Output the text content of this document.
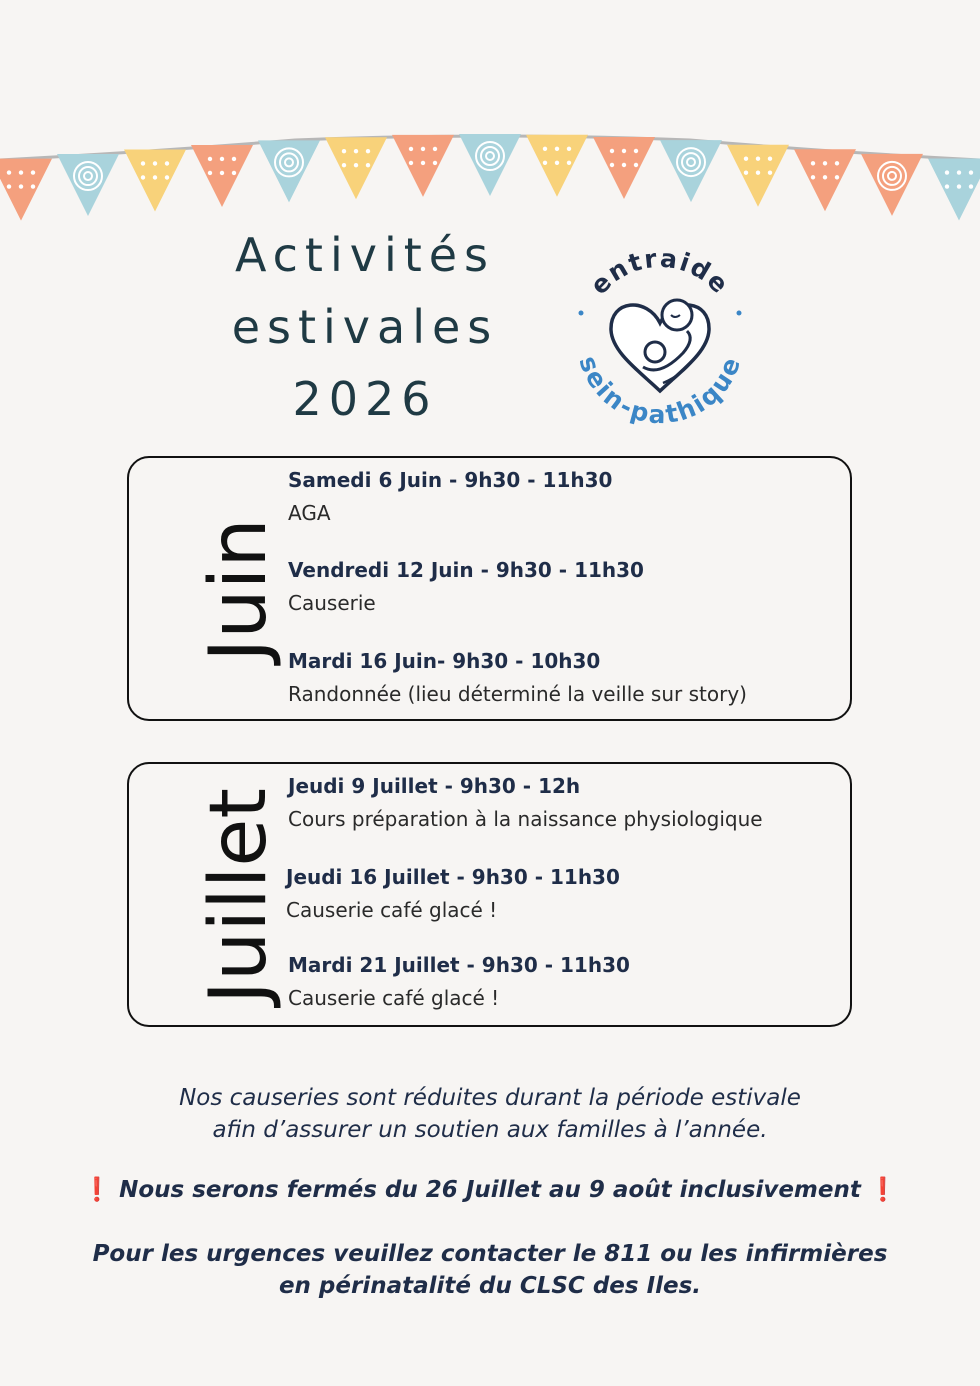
Activités
estivales
2026
entraide
sein-pathique
Juin
Samedi 6 Juin - 9h30 - 11h30
AGA
Vendredi 12 Juin - 9h30 - 11h30
Causerie
Mardi 16 Juin- 9h30 - 10h30
Randonnée (lieu déterminé la veille sur story)
Juillet
Jeudi 9 Juillet - 9h30 - 12h
Cours préparation à la naissance physiologique
Jeudi 16 Juillet - 9h30 - 11h30
Causerie café glacé !
Mardi 21 Juillet - 9h30 - 11h30
Causerie café glacé !
Nos causeries sont réduites durant la période estivale
afin d’assurer un soutien aux familles à l’année.
❗ Nous serons fermés du 26 Juillet au 9 août inclusivement ❗
Pour les urgences veuillez contacter le 811 ou les infirmières
en périnatalité du CLSC des Iles.
